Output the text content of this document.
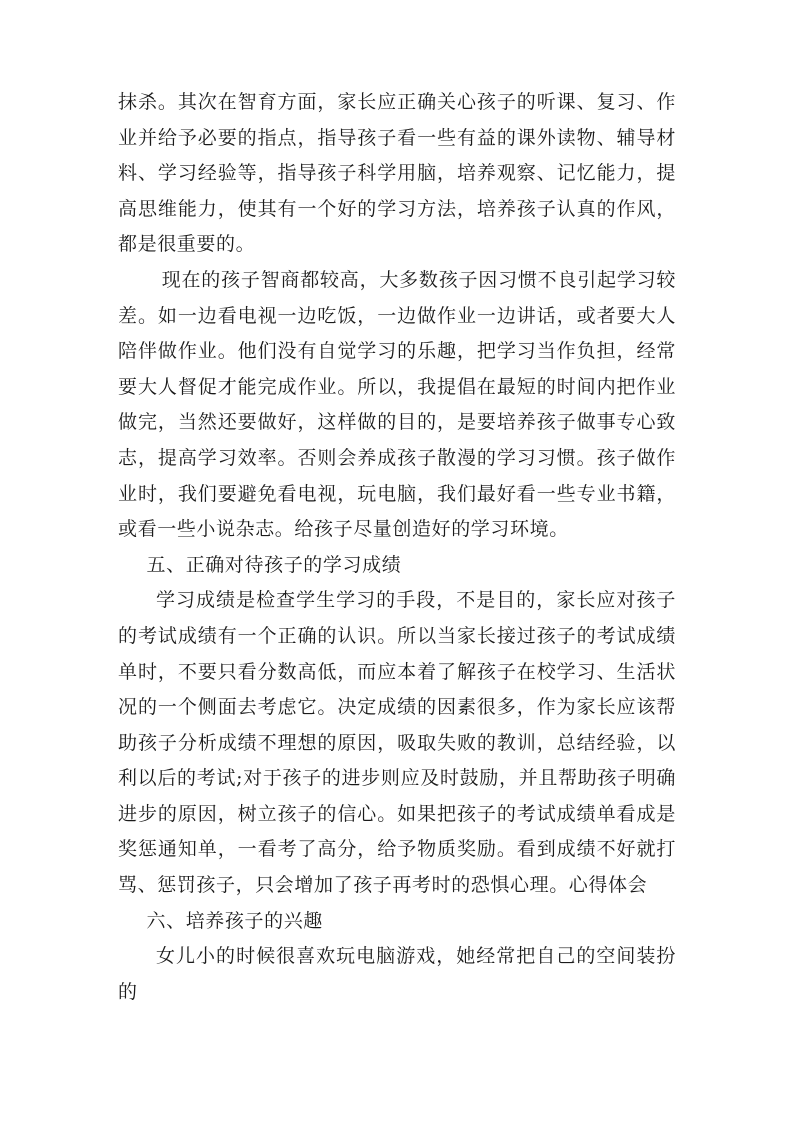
抹杀。其次在智育方面，家长应正确关心孩子的听课、复习、作业并给予必要的指点，指导孩子看一些有益的课外读物、辅导材料、学习经验等，指导孩子科学用脑，培养观察、记忆能力，提高思维能力，使其有一个好的学习方法，培养孩子认真的作风，都是很重要的。

现在的孩子智商都较高，大多数孩子因习惯不良引起学习较差。如一边看电视一边吃饭，一边做作业一边讲话，或者要大人陪伴做作业。他们没有自觉学习的乐趣，把学习当作负担，经常要大人督促才能完成作业。所以，我提倡在最短的时间内把作业做完，当然还要做好，这样做的目的，是要培养孩子做事专心致志，提高学习效率。否则会养成孩子散漫的学习习惯。孩子做作业时，我们要避免看电视，玩电脑，我们最好看一些专业书籍，或看一些小说杂志。给孩子尽量创造好的学习环境。

五、正确对待孩子的学习成绩

学习成绩是检查学生学习的手段，不是目的，家长应对孩子的考试成绩有一个正确的认识。所以当家长接过孩子的考试成绩单时，不要只看分数高低，而应本着了解孩子在校学习、生活状况的一个侧面去考虑它。决定成绩的因素很多，作为家长应该帮助孩子分析成绩不理想的原因，吸取失败的教训，总结经验，以利以后的考试;对于孩子的进步则应及时鼓励，并且帮助孩子明确进步的原因，树立孩子的信心。如果把孩子的考试成绩单看成是奖惩通知单，一看考了高分，给予物质奖励。看到成绩不好就打骂、惩罚孩子，只会增加了孩子再考时的恐惧心理。心得体会

六、培养孩子的兴趣

女儿小的时候很喜欢玩电脑游戏，她经常把自己的空间装扮的
